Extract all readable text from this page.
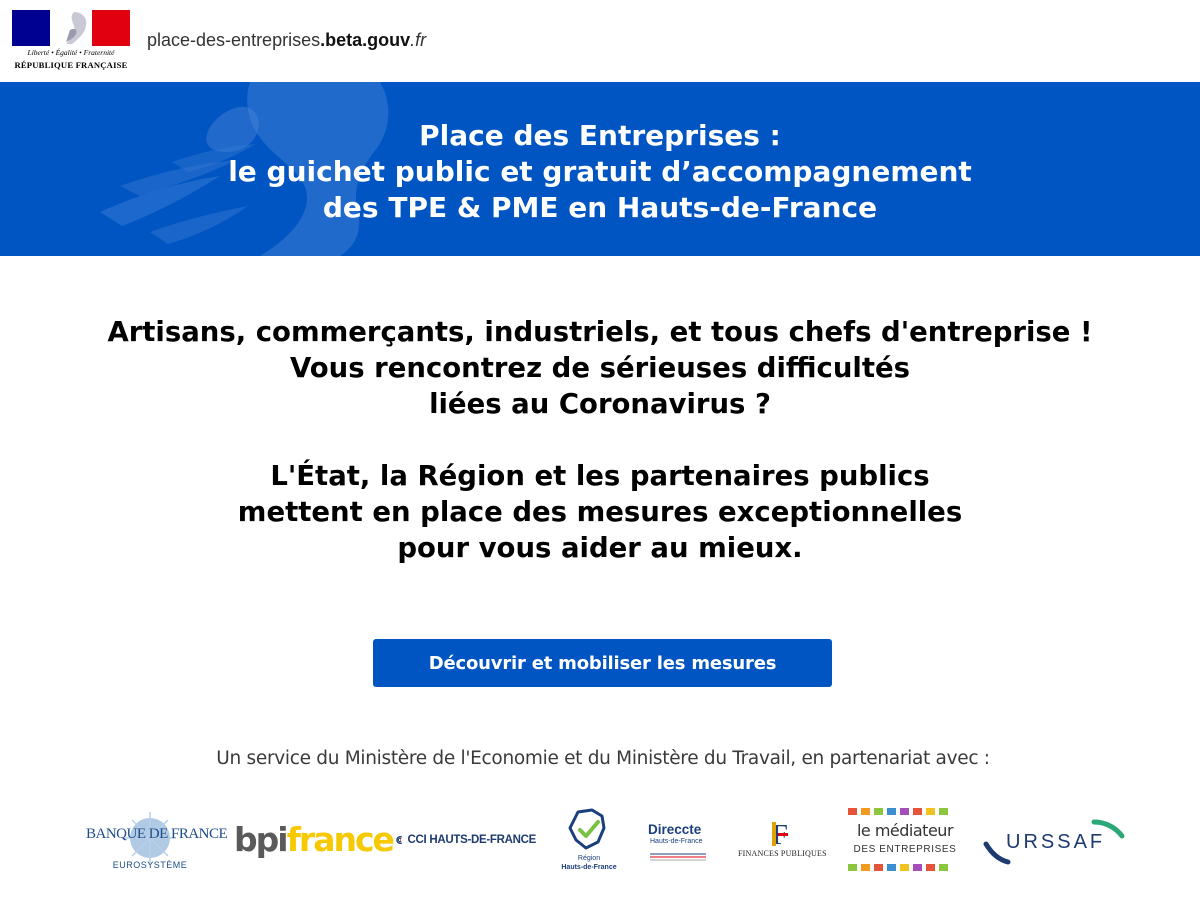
Liberté • Égalité • Fraternité
RÉPUBLIQUE FRANÇAISE
place-des-entreprises.beta.gouv.fr
Place des Entreprises :
le guichet public et gratuit d’accompagnement
des TPE & PME en Hauts-de-France
Artisans, commerçants, industriels, et tous chefs d'entreprise !
Vous rencontrez de sérieuses difficultés
liées au Coronavirus ?
L'État, la Région et les partenaires publics
mettent en place des mesures exceptionnelles
pour vous aider au mieux.
Découvrir et mobiliser les mesures
Un service du Ministère de l'Economie et du Ministère du Travail, en partenariat avec :
BANQUE DE FRANCE
EUROSYSTÈME
bpifrance CCI HAUTS-DE-FRANCE
Région
Hauts-de-France
Direccte
Hauts-de-France
FINANCES PUBLIQUES
le médiateur
DES ENTREPRISES	URSSAF
